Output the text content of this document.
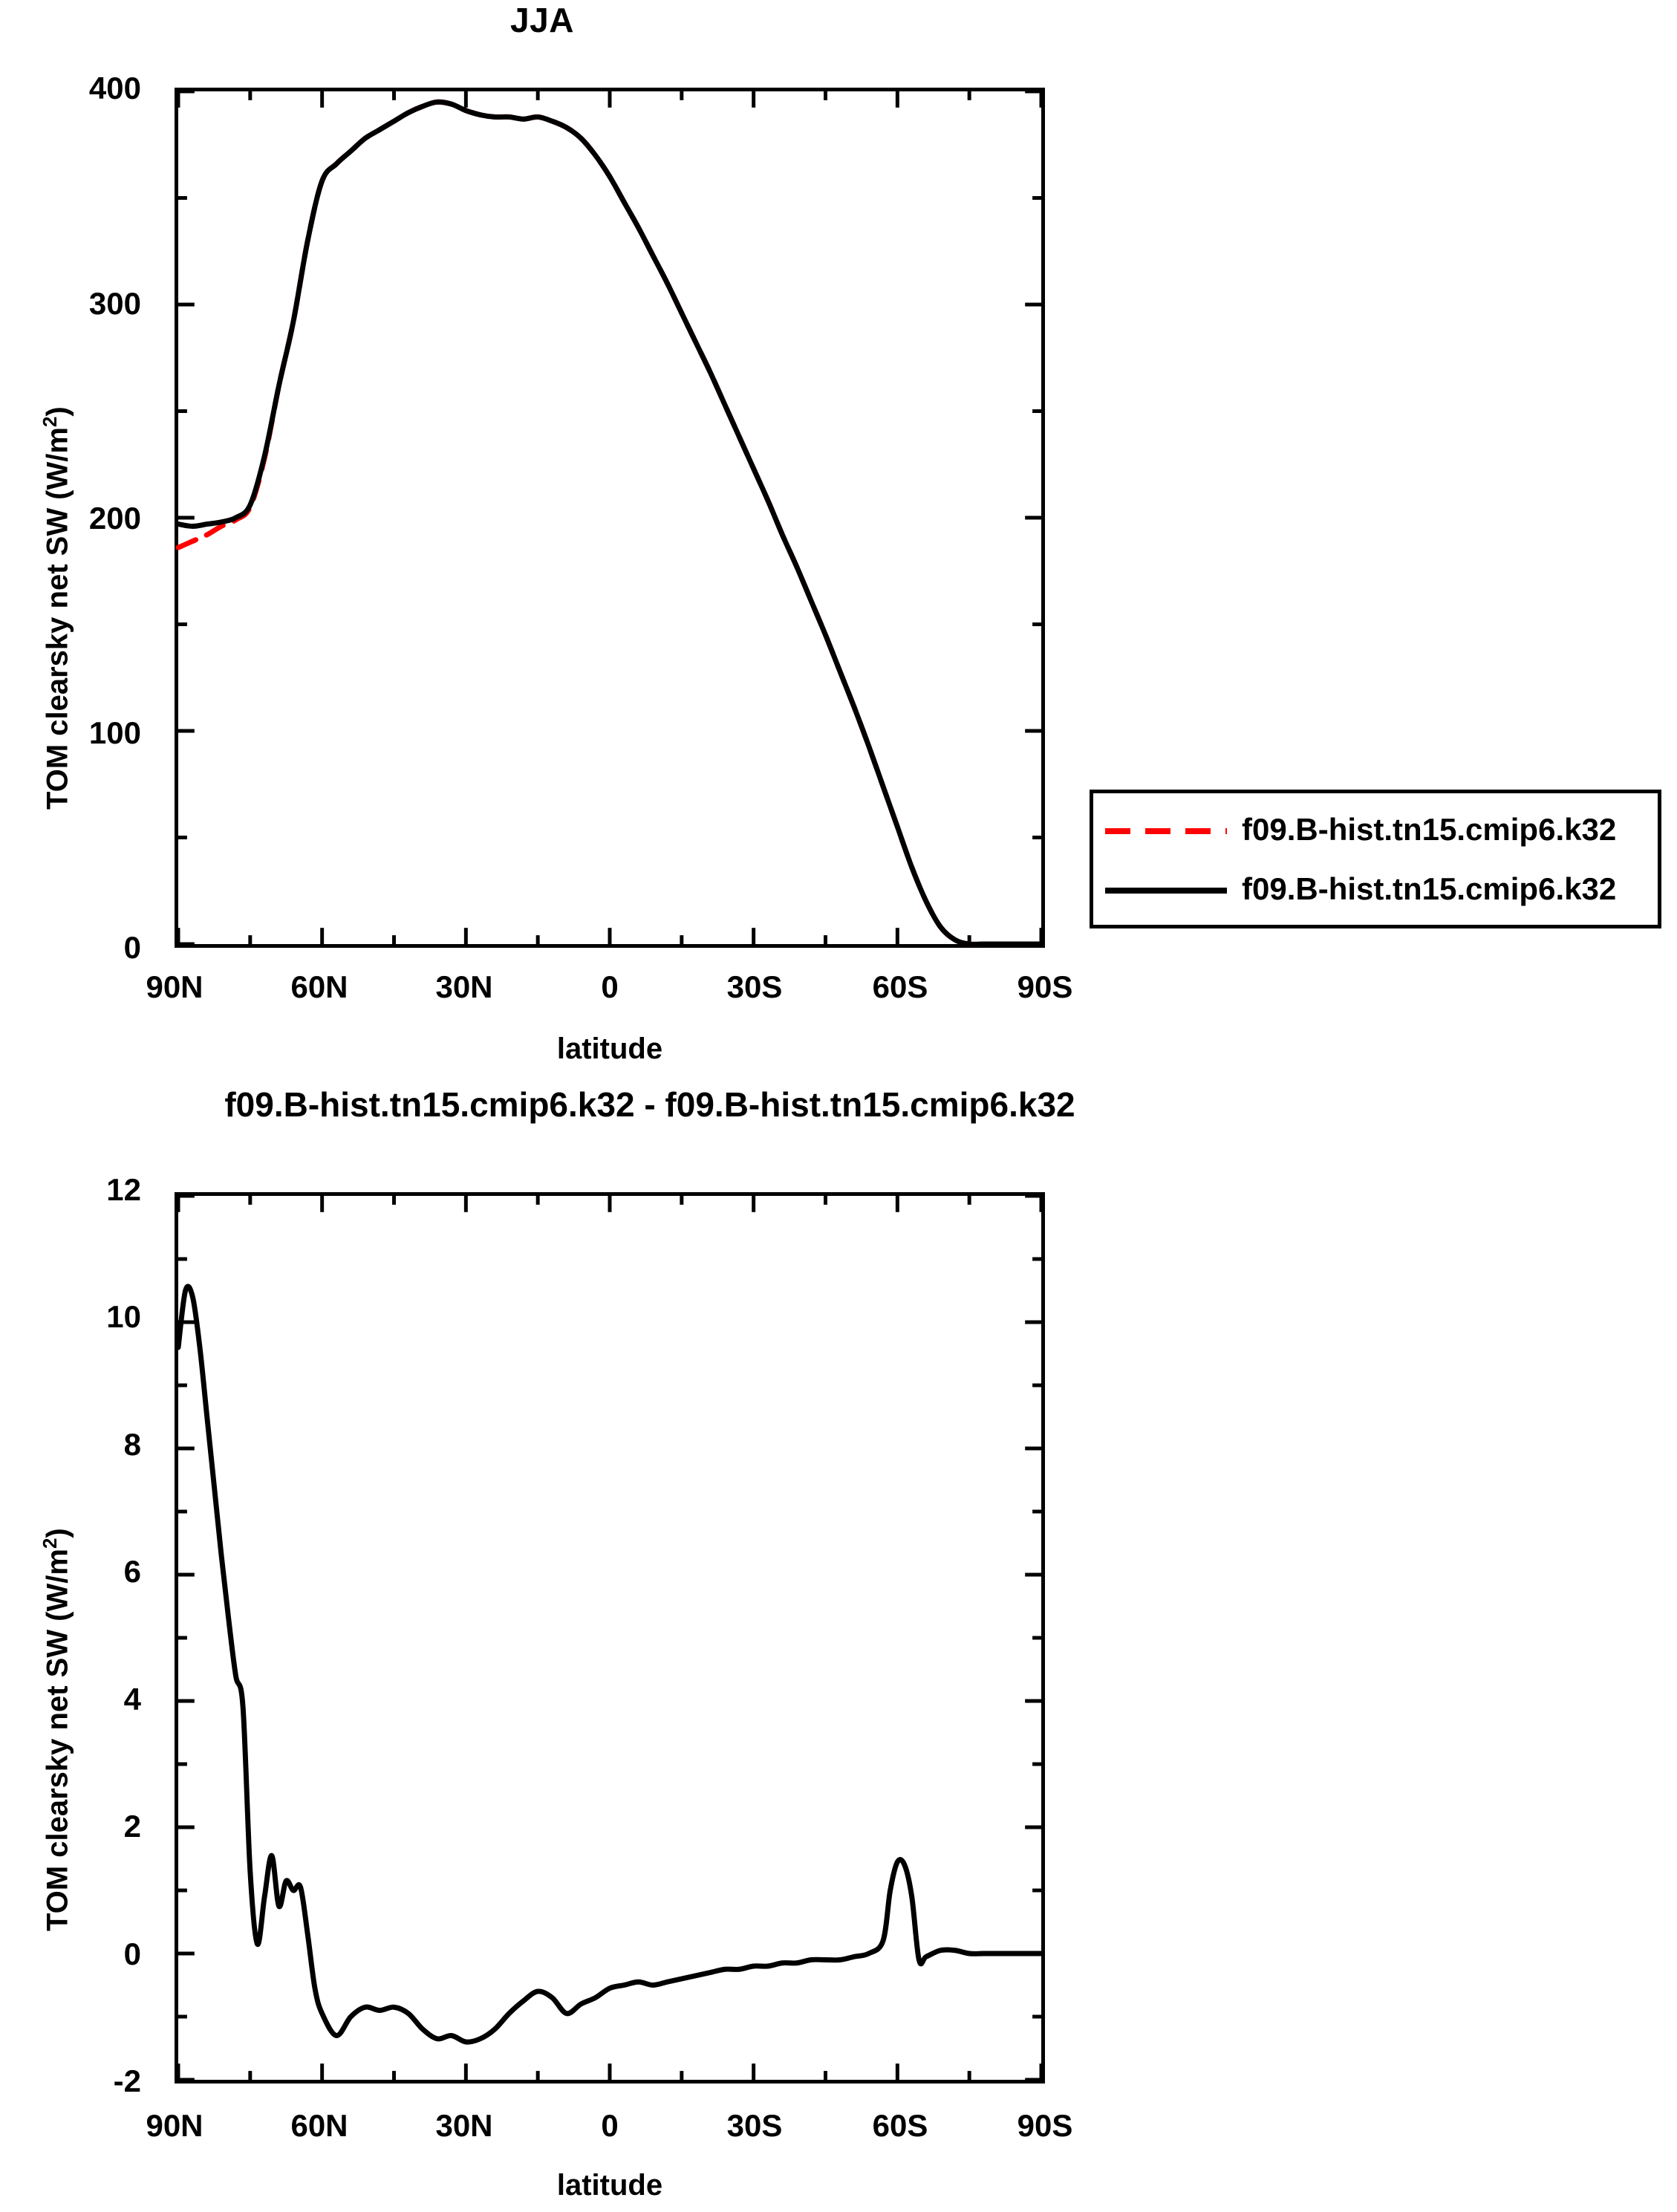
JJA
TOM clearsky net SW $(W/m^2)$
400
300
200
100
0
90N	60N	30N	0	30S	60S	90S
latitude
f09.B-hist.tn15.cmip6.k32
f09.B-hist.tn15.cmip6.k32
f09.B-hist.tn15.cmip6.k32 - f09.B-hist.tn15.cmip6.k32
TOM clearsky net SW $(W/m^2)$
12
10
8
6
4
2
0
-2
90N	60N	30N	0	30S	60S	90S
latitude
